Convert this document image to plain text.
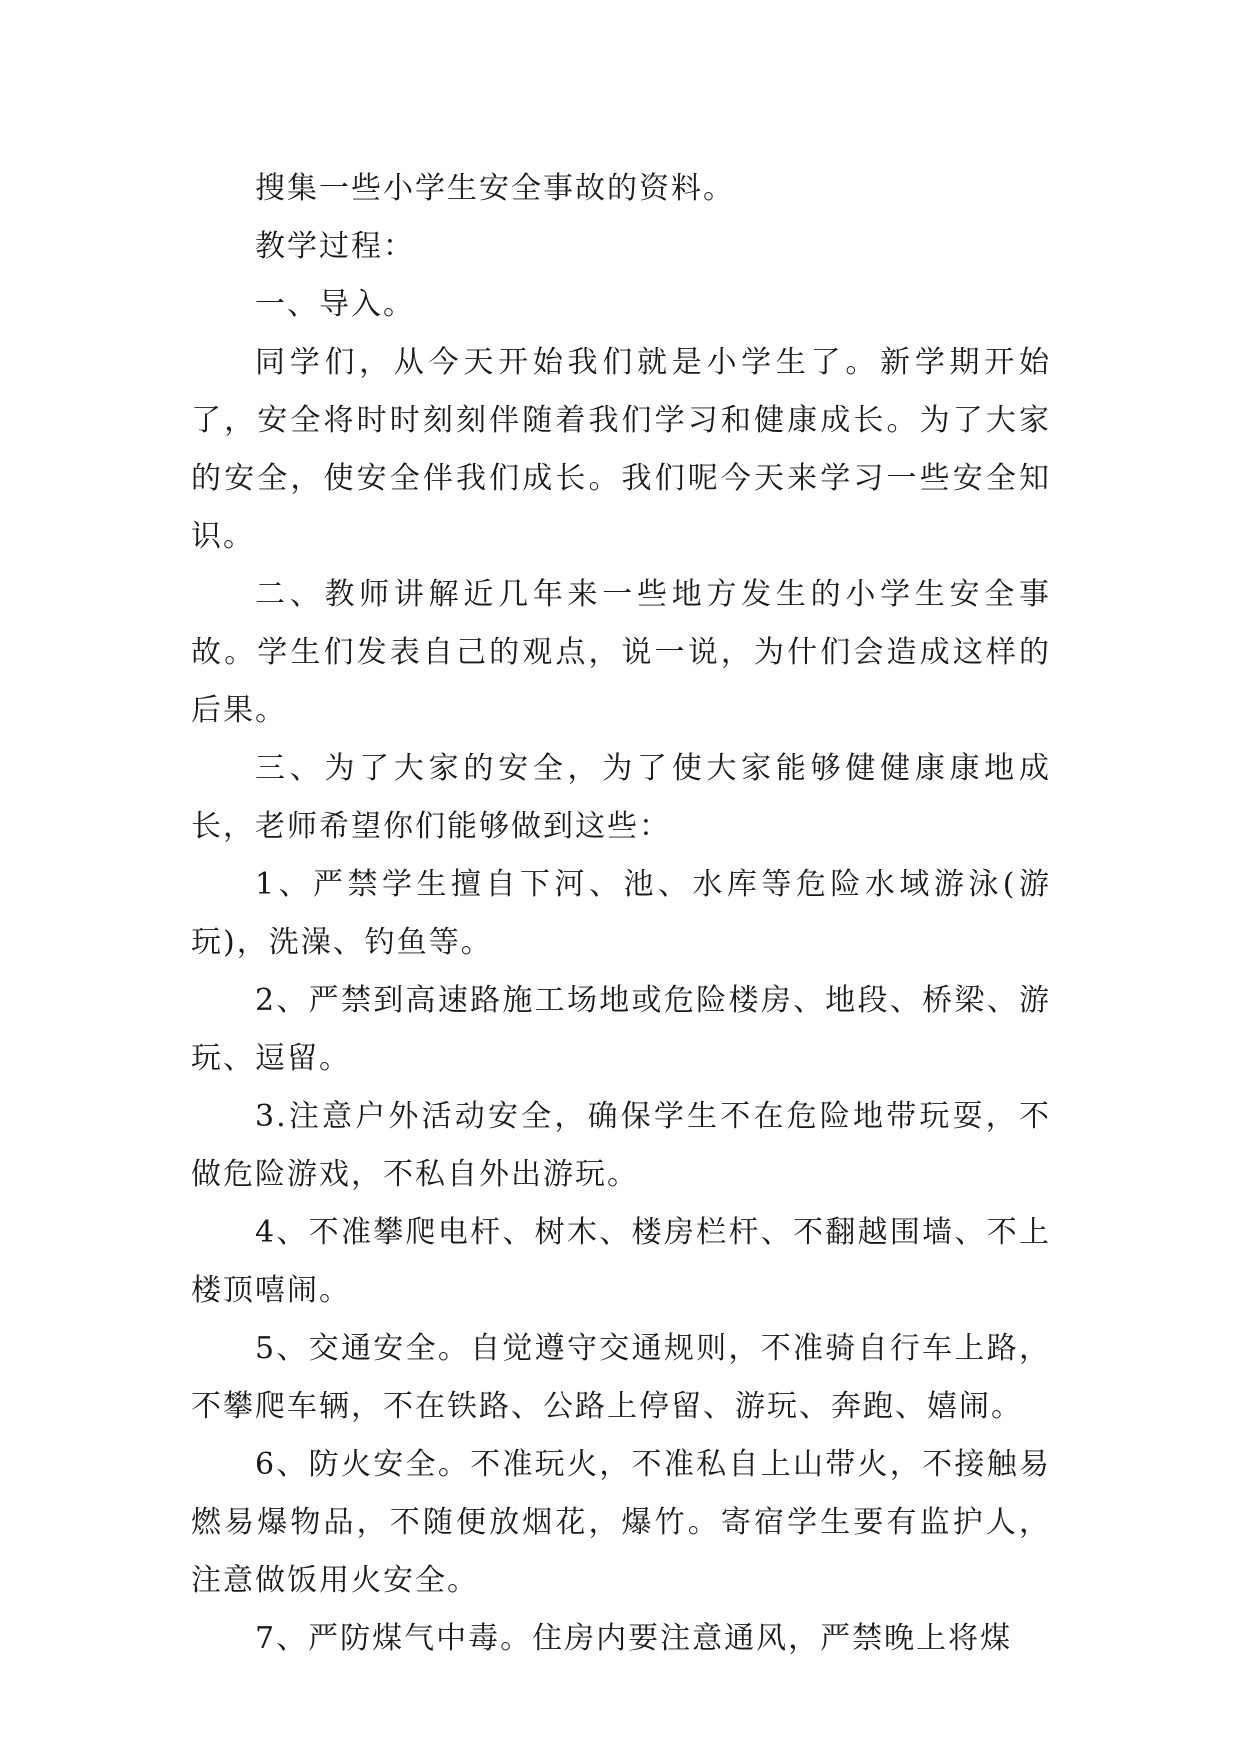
搜集一些小学生安全事故的资料。

教学过程：

一、导入。

同学们，从今天开始我们就是小学生了。新学期开始了，安全将时时刻刻伴随着我们学习和健康成长。为了大家的安全，使安全伴我们成长。我们呢今天来学习一些安全知识。

二、教师讲解近几年来一些地方发生的小学生安全事故。学生们发表自己的观点，说一说，为什们会造成这样的后果。

三、为了大家的安全，为了使大家能够健健康康地成长，老师希望你们能够做到这些：

1、严禁学生擅自下河、池、水库等危险水域游泳(游玩)，洗澡、钓鱼等。

2、严禁到高速路施工场地或危险楼房、地段、桥梁、游玩、逗留。

3.注意户外活动安全，确保学生不在危险地带玩耍，不做危险游戏，不私自外出游玩。

4、不准攀爬电杆、树木、楼房栏杆、不翻越围墙、不上楼顶嘻闹。

5、交通安全。自觉遵守交通规则，不准骑自行车上路，不攀爬车辆，不在铁路、公路上停留、游玩、奔跑、嬉闹。

6、防火安全。不准玩火，不准私自上山带火，不接触易燃易爆物品，不随便放烟花，爆竹。寄宿学生要有监护人，注意做饭用火安全。

7、严防煤气中毒。住房内要注意通风，严禁晚上将煤
